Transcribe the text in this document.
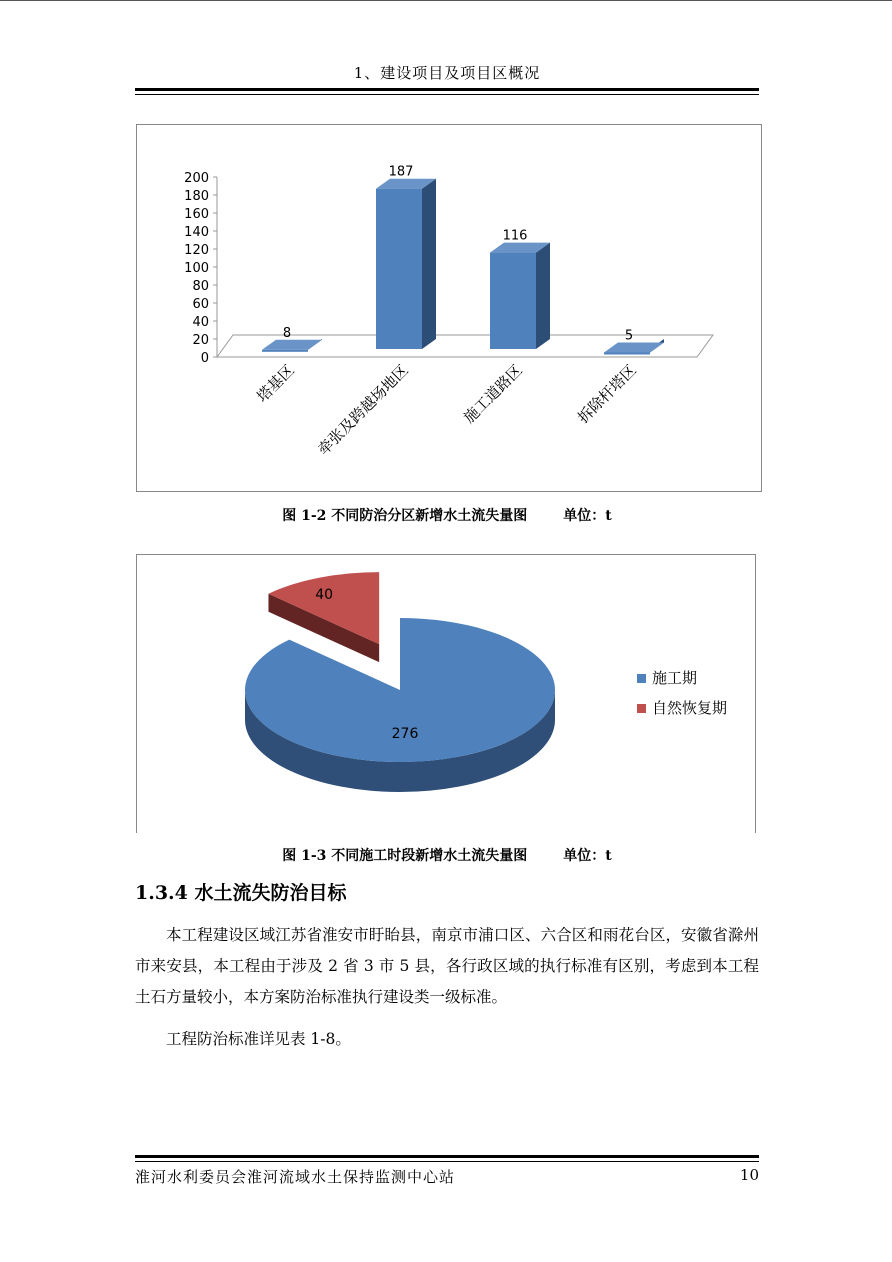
1、建设项目及项目区概况
0
20
40
60
80
100
120
140
160
180
200
8
塔基区
187
牵张及跨越场地区
116
施工道路区
5
拆除杆塔区
图 1-2 不同防治分区新增水土流失量图	单位：t
276
40
施工期
自然恢复期
图 1-3 不同施工时段新增水土流失量图	单位：t
1.3.4 水土流失防治目标
本工程建设区域江苏省淮安市盱眙县，南京市浦口区、六合区和雨花台区，安徽省滁州市来安县，本工程由于涉及 2 省 3 市 5 县，各行政区域的执行标准有区别，考虑到本工程土石方量较小，本方案防治标准执行建设类一级标准。
工程防治标准详见表 1-8。
淮河水利委员会淮河流域水土保持监测中心站	10
